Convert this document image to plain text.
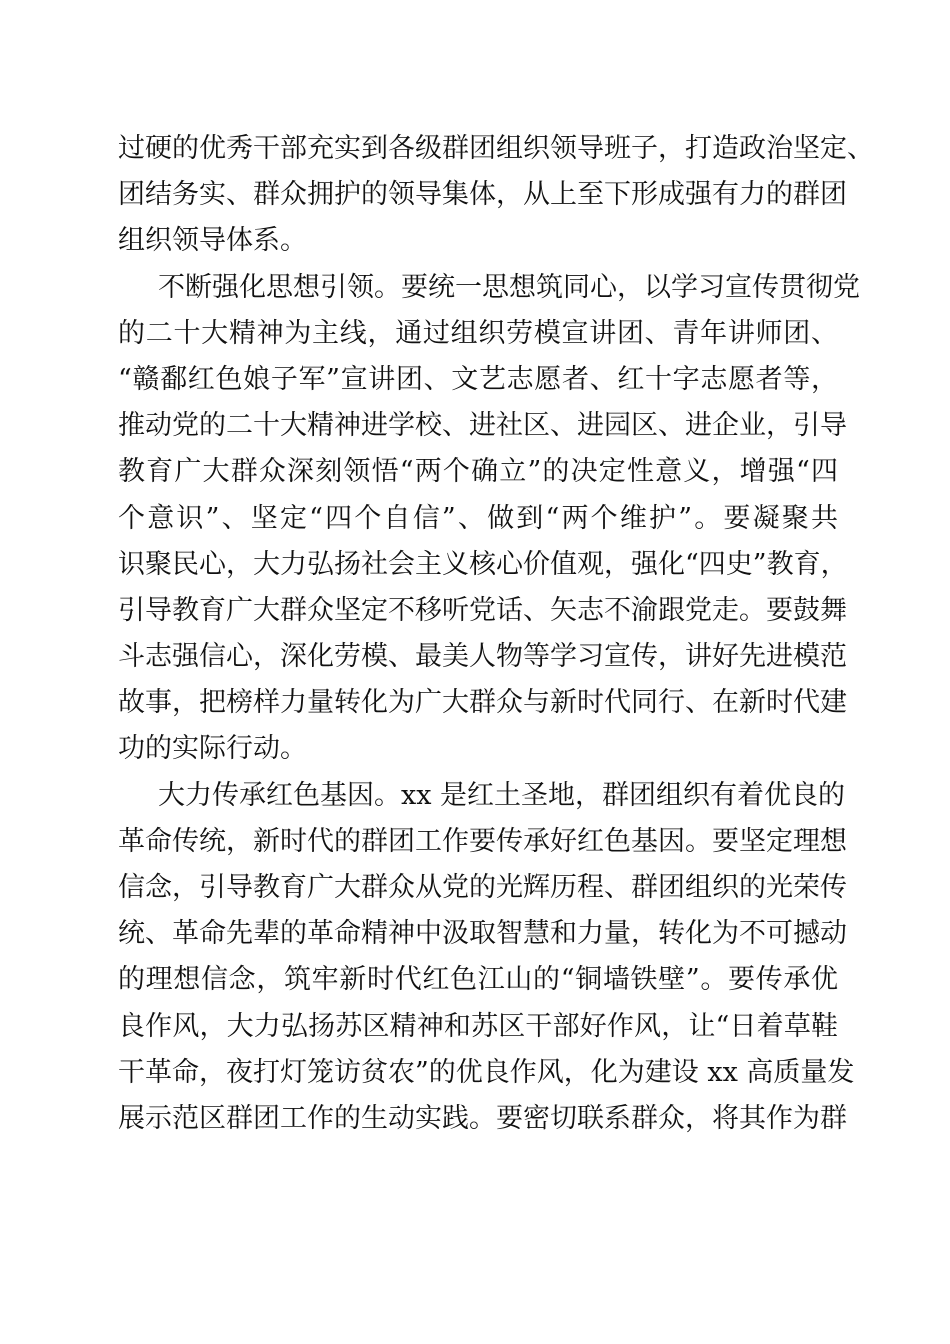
过硬的优秀干部充实到各级群团组织领导班子，打造政治坚定、
团结务实、群众拥护的领导集体，从上至下形成强有力的群团
组织领导体系。
不断强化思想引领。要统一思想筑同心，以学习宣传贯彻党
的二十大精神为主线，通过组织劳模宣讲团、青年讲师团、
“赣鄱红色娘子军”宣讲团、文艺志愿者、红十字志愿者等，
推动党的二十大精神进学校、进社区、进园区、进企业，引导
教育广大群众深刻领悟“两个确立”的决定性意义，增强“四
个意识”、坚定“四个自信”、做到“两个维护”。要凝聚共
识聚民心，大力弘扬社会主义核心价值观，强化“四史”教育，
引导教育广大群众坚定不移听党话、矢志不渝跟党走。要鼓舞
斗志强信心，深化劳模、最美人物等学习宣传，讲好先进模范
故事，把榜样力量转化为广大群众与新时代同行、在新时代建
功的实际行动。
大力传承红色基因。xx 是红土圣地，群团组织有着优良的
革命传统，新时代的群团工作要传承好红色基因。要坚定理想
信念，引导教育广大群众从党的光辉历程、群团组织的光荣传
统、革命先辈的革命精神中汲取智慧和力量，转化为不可撼动
的理想信念，筑牢新时代红色江山的“铜墙铁壁”。要传承优
良作风，大力弘扬苏区精神和苏区干部好作风，让“日着草鞋
干革命，夜打灯笼访贫农”的优良作风，化为建设 xx 高质量发
展示范区群团工作的生动实践。要密切联系群众，将其作为群
